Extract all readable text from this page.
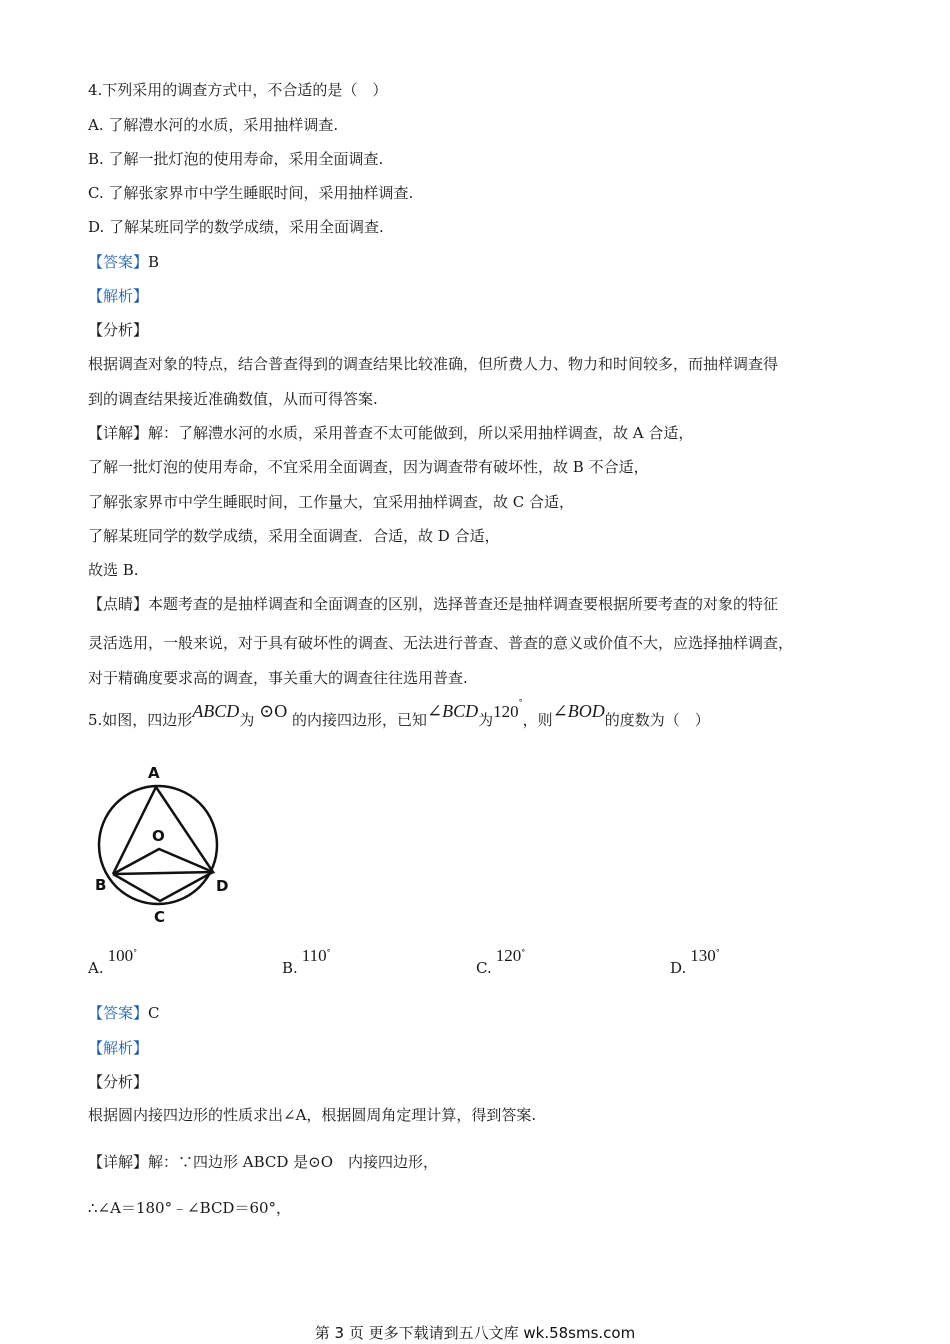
4.下列采用的调查方式中，不合适的是（　）
A. 了解澧水河的水质，采用抽样调查.
B. 了解一批灯泡的使用寿命，采用全面调查.
C. 了解张家界市中学生睡眠时间，采用抽样调查.
D. 了解某班同学的数学成绩，采用全面调查.
【答案】B
【解析】
【分析】
根据调查对象的特点，结合普查得到的调查结果比较准确，但所费人力、物力和时间较多，而抽样调查得
到的调查结果接近准确数值，从而可得答案.
【详解】解：了解澧水河的水质，采用普查不太可能做到，所以采用抽样调查，故 A 合适，
了解一批灯泡的使用寿命，不宜采用全面调查，因为调查带有破坏性，故 B 不合适，
了解张家界市中学生睡眠时间，工作量大，宜采用抽样调查，故 C 合适，
了解某班同学的数学成绩，采用全面调查．合适，故 D 合适，
故选 B.
【点睛】本题考查的是抽样调查和全面调查的区别，选择普查还是抽样调查要根据所要考查的对象的特征
灵活选用，一般来说，对于具有破坏性的调查、无法进行普查、普查的意义或价值不大，应选择抽样调查，
对于精确度要求高的调查，事关重大的调查往往选用普查.
5.如图，四边形ABCD为 ⊙O 的内接四边形，已知∠BCD为120°，则∠BOD的度数为（　）
A
O
B	D
C
A.100°
B.110°
C.120°
D.130°
【答案】C
【解析】
【分析】
根据圆内接四边形的性质求出∠A，根据圆周角定理计算，得到答案.
【详解】解：∵四边形 ABCD 是⊙O　内接四边形，
∴∠A＝180°﹣∠BCD＝60°，
第 3 页 更多下载请到五八文库 wk.58sms.com
